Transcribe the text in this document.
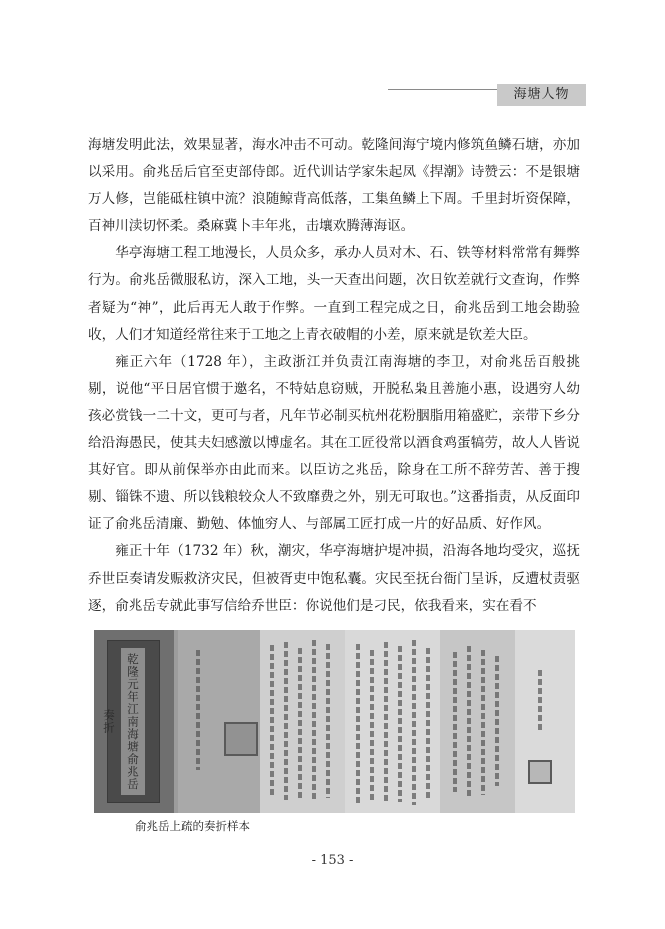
海塘人物

海塘发明此法，效果显著，海水冲击不可动。乾隆间海宁境内修筑鱼鳞石塘，亦加以采用。俞兆岳后官至吏部侍郎。近代训诂学家朱起凤《捍潮》诗赞云：不是银塘万人修，岂能砥柱镇中流？浪随鲸背高低落，工集鱼鳞上下周。千里封圻资保障，百神川渎切怀柔。桑麻冀卜丰年兆，击壤欢腾薄海讴。

华亭海塘工程工地漫长，人员众多，承办人员对木、石、铁等材料常常有舞弊行为。俞兆岳微服私访，深入工地，头一天查出问题，次日钦差就行文查询，作弊者疑为“神”，此后再无人敢于作弊。一直到工程完成之日，俞兆岳到工地会勘验收，人们才知道经常往来于工地之上青衣破帽的小差，原来就是钦差大臣。

雍正六年（1728 年），主政浙江并负责江南海塘的李卫，对俞兆岳百般挑剔，说他“平日居官惯于邀名，不特姑息窃贼，开脱私枭且善施小惠，设遇穷人幼孩必赏钱一二十文，更可与者，凡年节必制买杭州花粉胭脂用箱盛贮，亲带下乡分给沿海愚民，使其夫妇感激以博虚名。其在工匠役常以酒食鸡蛋犒劳，故人人皆说其好官。即从前保举亦由此而来。以臣访之兆岳，除身在工所不辞劳苦、善于搜剔、锱铢不遗、所以钱粮较众人不致靡费之外，别无可取也。”这番指责，从反面印证了俞兆岳清廉、勤勉、体恤穷人、与部属工匠打成一片的好品质、好作风。

雍正十年（1732 年）秋，潮灾，华亭海塘护堤冲损，沿海各地均受灾，巡抚乔世臣奏请发赈救济灾民，但被胥吏中饱私囊。灾民至抚台衙门呈诉，反遭杖责驱逐，俞兆岳专就此事写信给乔世臣：你说他们是刁民，依我看来，实在看不

乾隆元年江南海塘俞兆岳奏折
俞兆岳上疏的奏折样本
- 153 -
